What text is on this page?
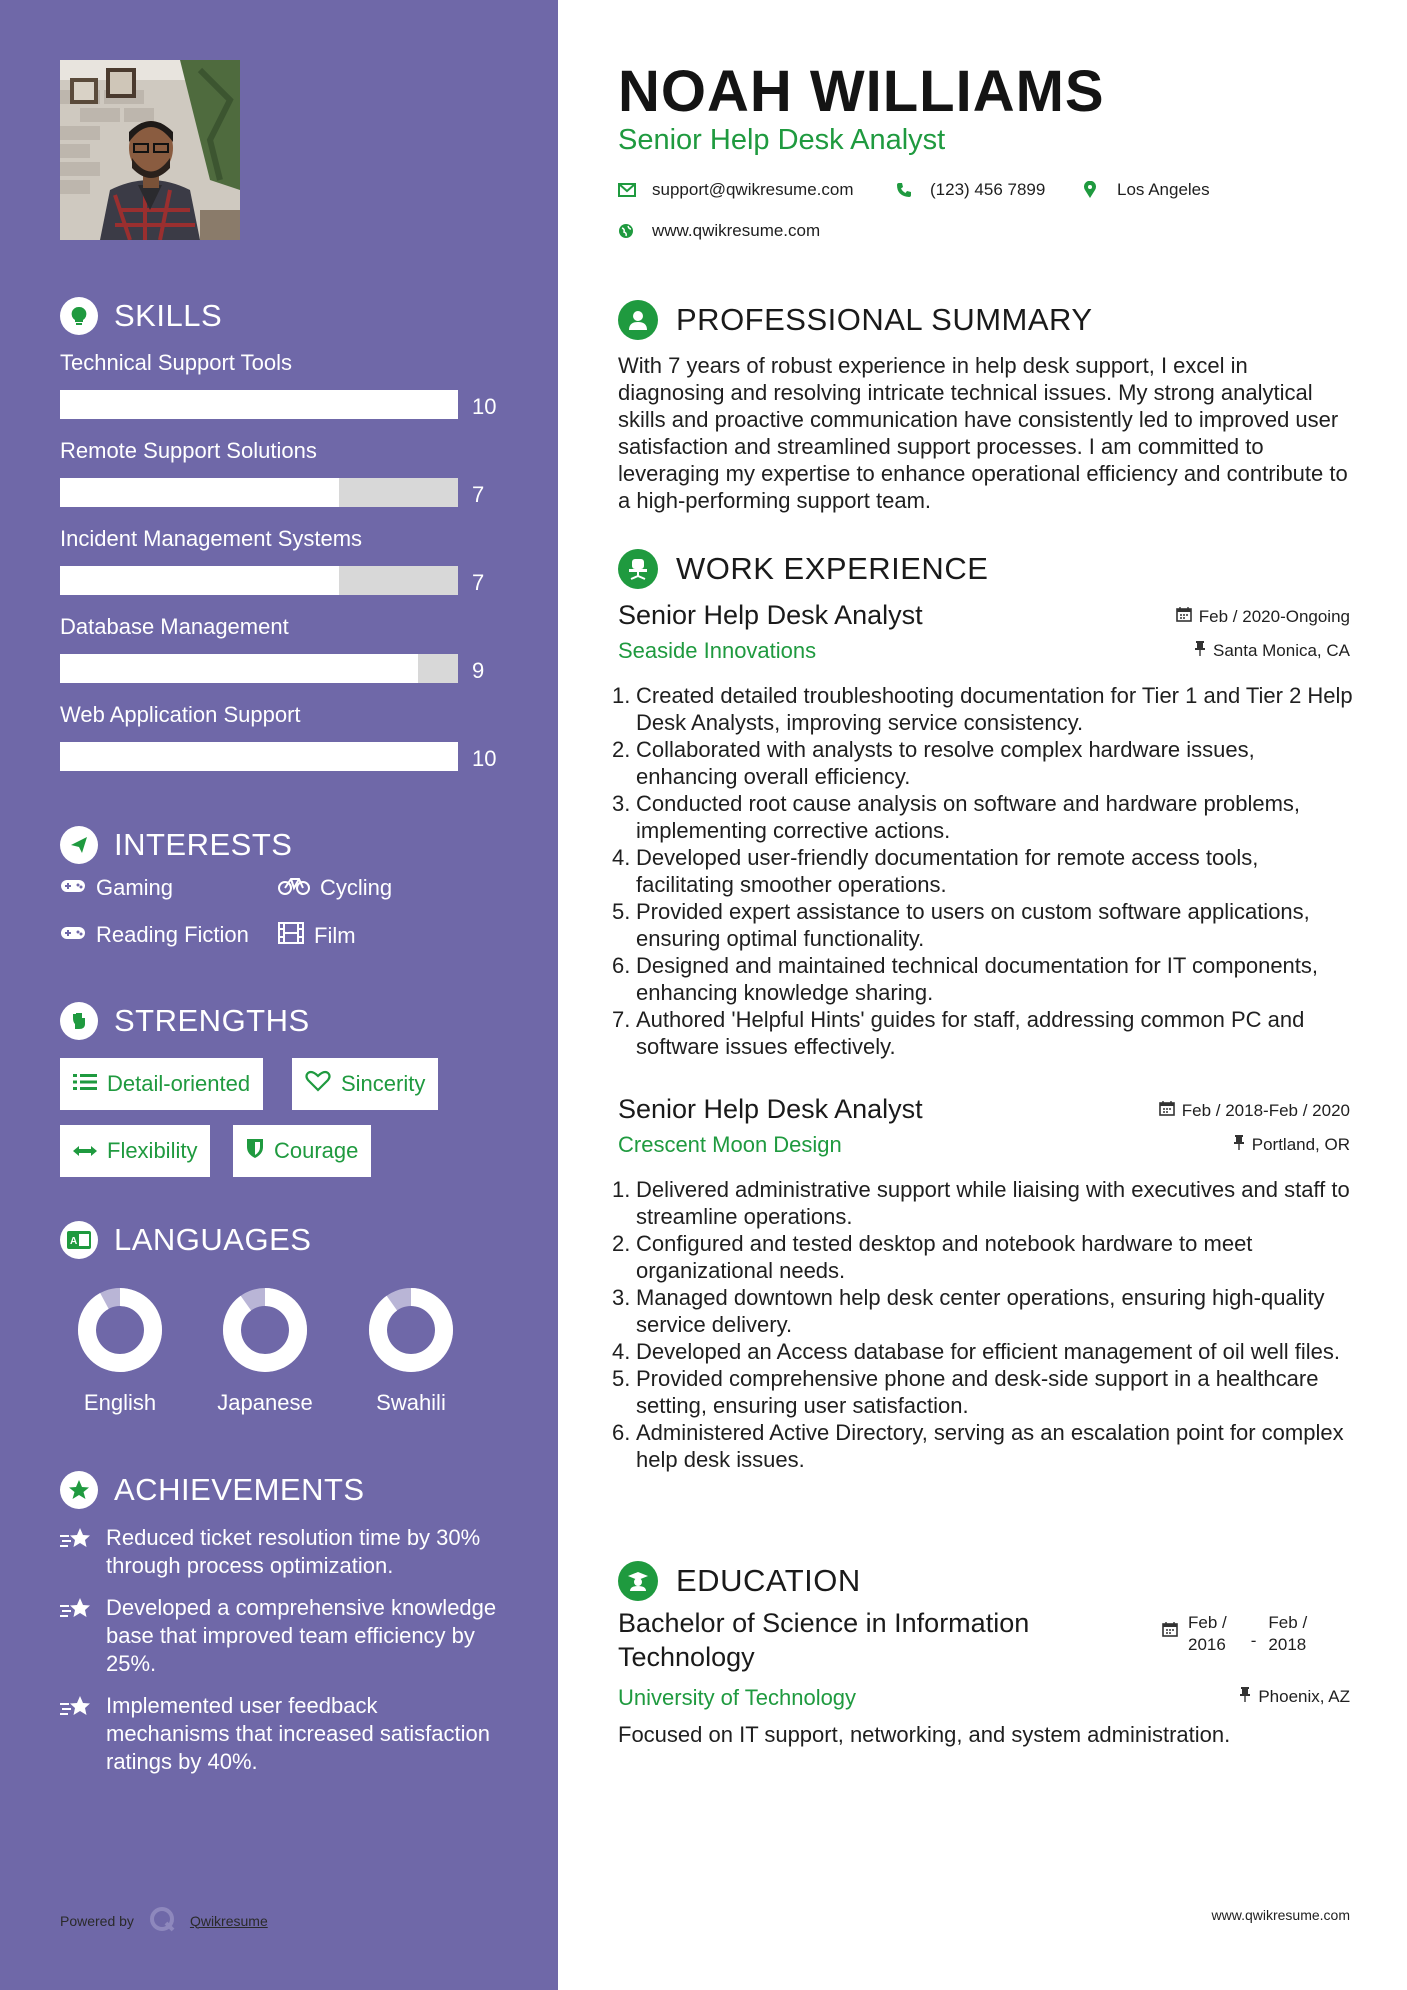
SKILLS
Technical Support Tools
10
Remote Support Solutions
7
Incident Management Systems
7
Database Management
9
Web Application Support
10
INTERESTS
Gaming	Cycling
Reading Fiction	Film
STRENGTHS
Detail-oriented	Sincerity
Flexibility	Courage
A LANGUAGES
English	Japanese	Swahili
ACHIEVEMENTS
Reduced ticket resolution time by 30% through process optimization.
Developed a comprehensive knowledge base that improved team efficiency by 25%.
Implemented user feedback mechanisms that increased satisfaction ratings by 40%.
Powered by	Qwikresume
NOAH WILLIAMS
Senior Help Desk Analyst
support@qwikresume.com	(123) 456 7899	Los Angeles
www.qwikresume.com
PROFESSIONAL SUMMARY
With 7 years of robust experience in help desk support, I excel in diagnosing and resolving intricate technical issues. My strong analytical skills and proactive communication have consistently led to improved user satisfaction and streamlined support processes. I am committed to leveraging my expertise to enhance operational efficiency and contribute to a high-performing support team.
WORK EXPERIENCE
Senior Help Desk Analyst
Seaside Innovations
Feb / 2020-Ongoing
Santa Monica, CA
1. Created detailed troubleshooting documentation for Tier 1 and Tier 2 Help Desk Analysts, improving service consistency.
2. Collaborated with analysts to resolve complex hardware issues, enhancing overall efficiency.
3. Conducted root cause analysis on software and hardware problems, implementing corrective actions.
4. Developed user-friendly documentation for remote access tools, facilitating smoother operations.
5. Provided expert assistance to users on custom software applications, ensuring optimal functionality.
6. Designed and maintained technical documentation for IT components, enhancing knowledge sharing.
7. Authored 'Helpful Hints' guides for staff, addressing common PC and software issues effectively.
Senior Help Desk Analyst
Crescent Moon Design
Feb / 2018-Feb / 2020
Portland, OR
1. Delivered administrative support while liaising with executives and staff to streamline operations.
2. Configured and tested desktop and notebook hardware to meet organizational needs.
3. Managed downtown help desk center operations, ensuring high-quality service delivery.
4. Developed an Access database for efficient management of oil well files.
5. Provided comprehensive phone and desk-side support in a healthcare setting, ensuring user satisfaction.
6. Administered Active Directory, serving as an escalation point for complex help desk issues.
EDUCATION
Bachelor of Science in Information Technology
Feb /
2016 -
Feb /
2018
University of Technology	Phoenix, AZ
Focused on IT support, networking, and system administration.
www.qwikresume.com
